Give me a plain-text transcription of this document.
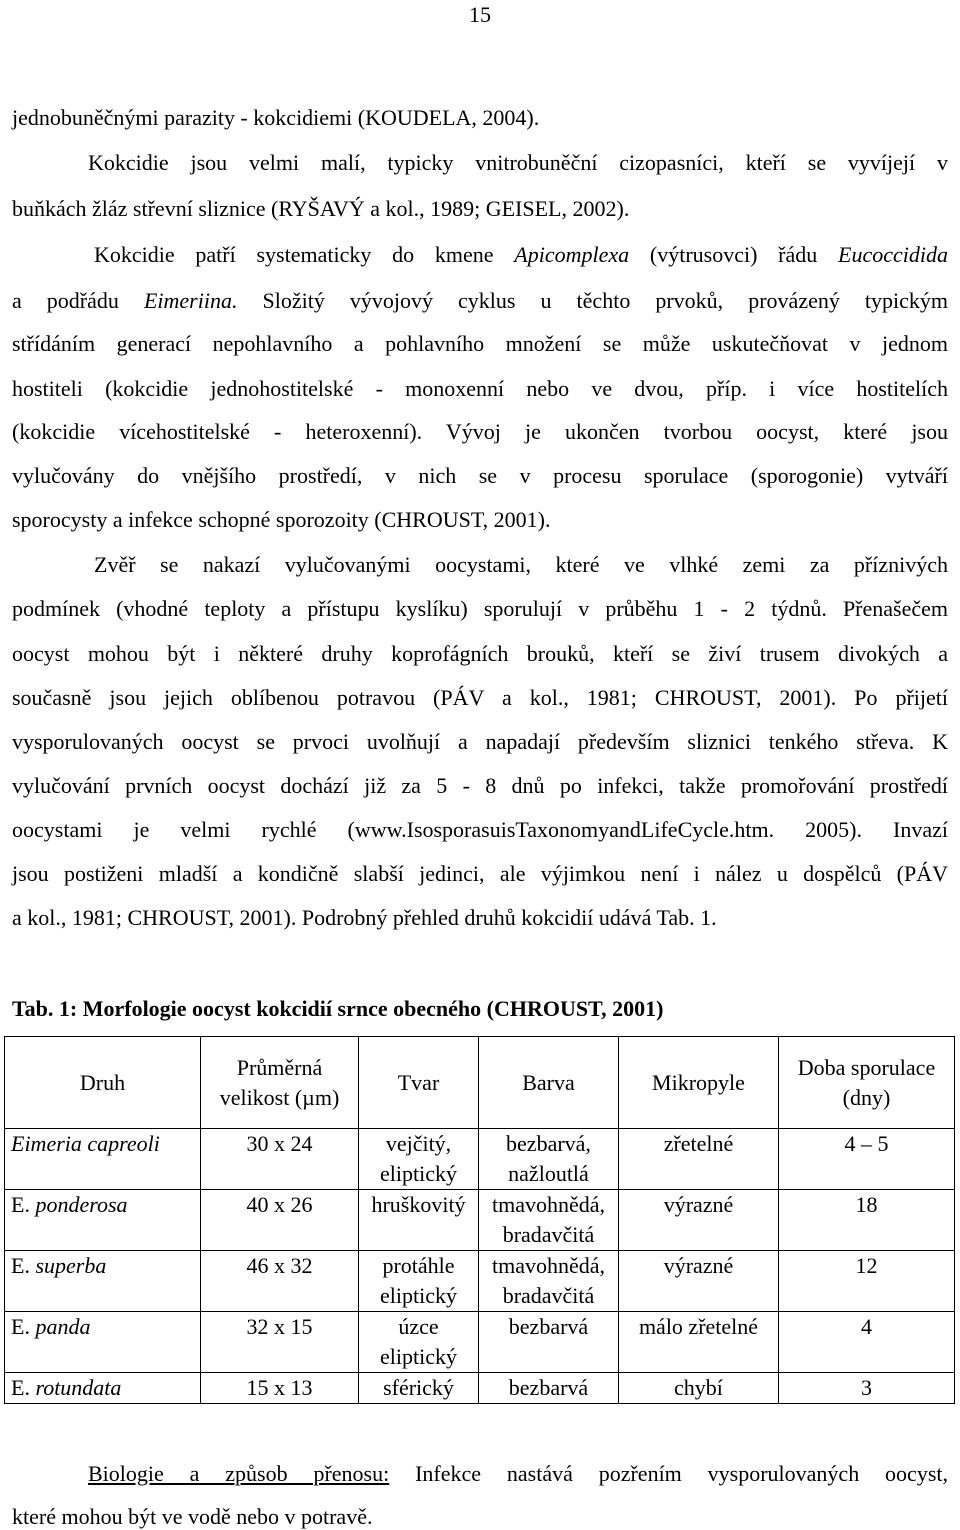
15
jednobuněčnými parazity - kokcidiemi (KOUDELA, 2004).
Kokcidie jsou velmi malí, typicky vnitrobuněční cizopasníci, kteří se vyvíjejí v
buňkách žláz střevní sliznice (RYŠAVÝ a kol., 1989; GEISEL, 2002).
Kokcidie patří systematicky do kmene Apicomplexa (výtrusovci) řádu Eucoccidida
a podřádu Eimeriina. Složitý vývojový cyklus u těchto prvoků, provázený typickým
střídáním generací nepohlavního a pohlavního množení se může uskutečňovat v jednom
hostiteli (kokcidie jednohostitelské - monoxenní nebo ve dvou, příp. i více hostitelích
(kokcidie vícehostitelské - heteroxenní). Vývoj je ukončen tvorbou oocyst, které jsou
vylučovány do vnějšího prostředí, v nich se v procesu sporulace (sporogonie) vytváří
sporocysty a infekce schopné sporozoity (CHROUST, 2001).
Zvěř se nakazí vylučovanými oocystami, které ve vlhké zemi za příznivých
podmínek (vhodné teploty a přístupu kyslíku) sporulují v průběhu 1 - 2 týdnů. Přenašečem
oocyst mohou být i některé druhy koprofágních brouků, kteří se živí trusem divokých a
současně jsou jejich oblíbenou potravou (PÁV a kol., 1981; CHROUST, 2001). Po přijetí
vysporulovaných oocyst se prvoci uvolňují a napadají především sliznici tenkého střeva. K
vylučování prvních oocyst dochází již za 5 - 8 dnů po infekci, takže promořování prostředí
oocystami je velmi rychlé (www.IsosporasuisTaxonomyandLifeCycle.htm. 2005). Invazí
jsou postiženi mladší a kondičně slabší jedinci, ale výjimkou není i nález u dospělců (PÁV
a kol., 1981; CHROUST, 2001). Podrobný přehled druhů kokcidií udává Tab. 1.
Tab. 1: Morfologie oocyst kokcidií srnce obecného (CHROUST, 2001)
Druh	Průměrná velikost (µm)	Tvar	Barva	Mikropyle	Doba sporulace (dny)
Eimeria capreoli	30 x 24	vejčitý, eliptický	bezbarvá, nažloutlá	zřetelné	4 – 5
E. ponderosa	40 x 26	hruškovitý	tmavohnědá, bradavčitá	výrazné	18
E. superba	46 x 32	protáhle eliptický	tmavohnědá, bradavčitá	výrazné	12
E. panda	32 x 15	úzce eliptický	bezbarvá	málo zřetelné	4
E. rotundata	15 x 13	sférický	bezbarvá	chybí	3
Biologie a způsob přenosu: Infekce nastává pozřením vysporulovaných oocyst,
které mohou být ve vodě nebo v potravě.
